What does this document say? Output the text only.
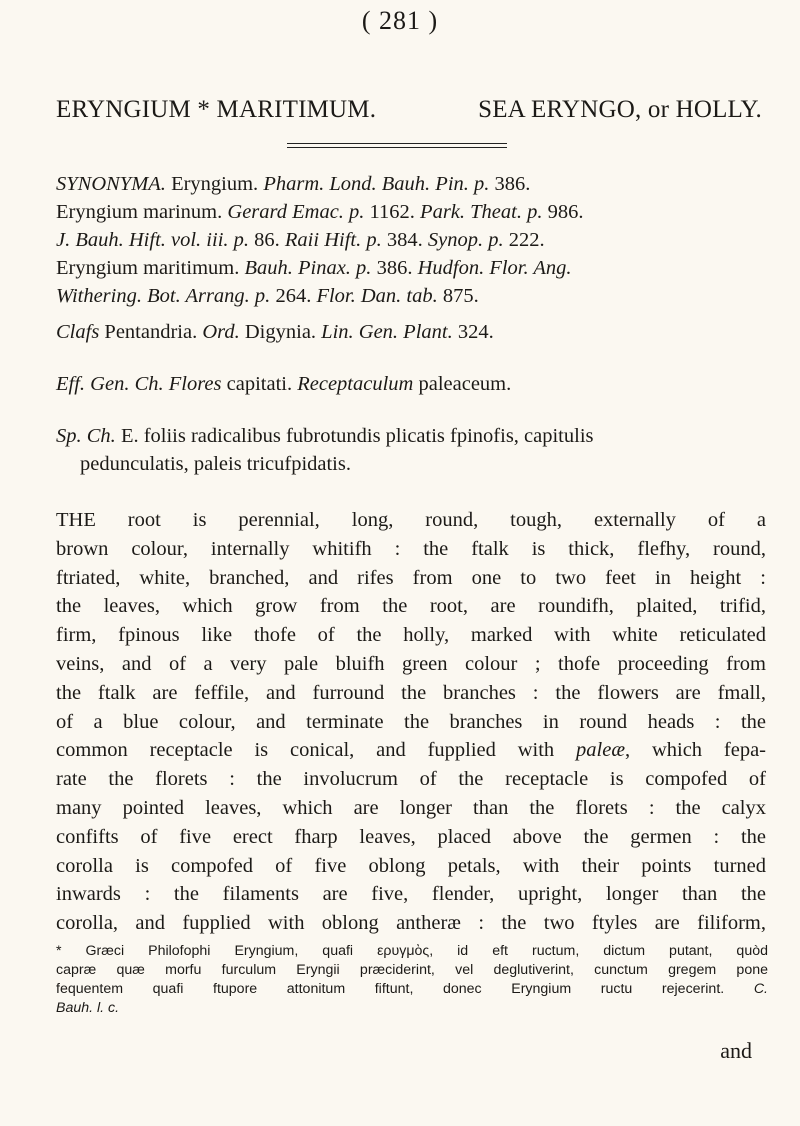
( 281 )
ERYNGIUM * MARITIMUM.	SEA ERYNGO, or HOLLY.

SYNONYMA. Eryngium. Pharm. Lond. Bauh. Pin. p. 386.

Eryngium marinum. Gerard Emac. p. 1162. Park. Theat. p. 986.

J. Bauh. Hift. vol. iii. p. 86. Raii Hift. p. 384. Synop. p. 222.

Eryngium maritimum. Bauh. Pinax. p. 386. Hudfon. Flor. Ang.

Withering. Bot. Arrang. p. 264. Flor. Dan. tab. 875.

Clafs Pentandria. Ord. Digynia. Lin. Gen. Plant. 324.

Eff. Gen. Ch. Flores capitati. Receptaculum paleaceum.

Sp. Ch. E. foliis radicalibus fubrotundis plicatis fpinofis, capitulis

pedunculatis, paleis tricufpidatis.

THE root is perennial, long, round, tough, externally of a
brown colour, internally whitifh : the ftalk is thick, flefhy, round,
ftriated, white, branched, and rifes from one to two feet in height :
the leaves, which grow from the root, are roundifh, plaited, trifid,
firm, fpinous like thofe of the holly, marked with white reticulated
veins, and of a very pale bluifh green colour ; thofe proceeding from
the ftalk are feffile, and furround the branches : the flowers are fmall,
of a blue colour, and terminate the branches in round heads : the
common receptacle is conical, and fupplied with paleæ, which fepa-
rate the florets : the involucrum of the receptacle is compofed of
many pointed leaves, which are longer than the florets : the calyx
confifts of five erect fharp leaves, placed above the germen : the
corolla is compofed of five oblong petals, with their points turned
inwards : the filaments are five, flender, upright, longer than the
corolla, and fupplied with oblong antheræ : the two ftyles are filiform,
* Græci Philofophi Eryngium, quafi ερυγμὸς, id eft ructum, dictum putant, quòd
capræ quæ morfu furculum Eryngii præciderint, vel deglutiverint, cunctum gregem pone
fequentem quafi ftupore attonitum fiftunt, donec Eryngium ructu rejecerint. C.
Bauh. l. c.
and
